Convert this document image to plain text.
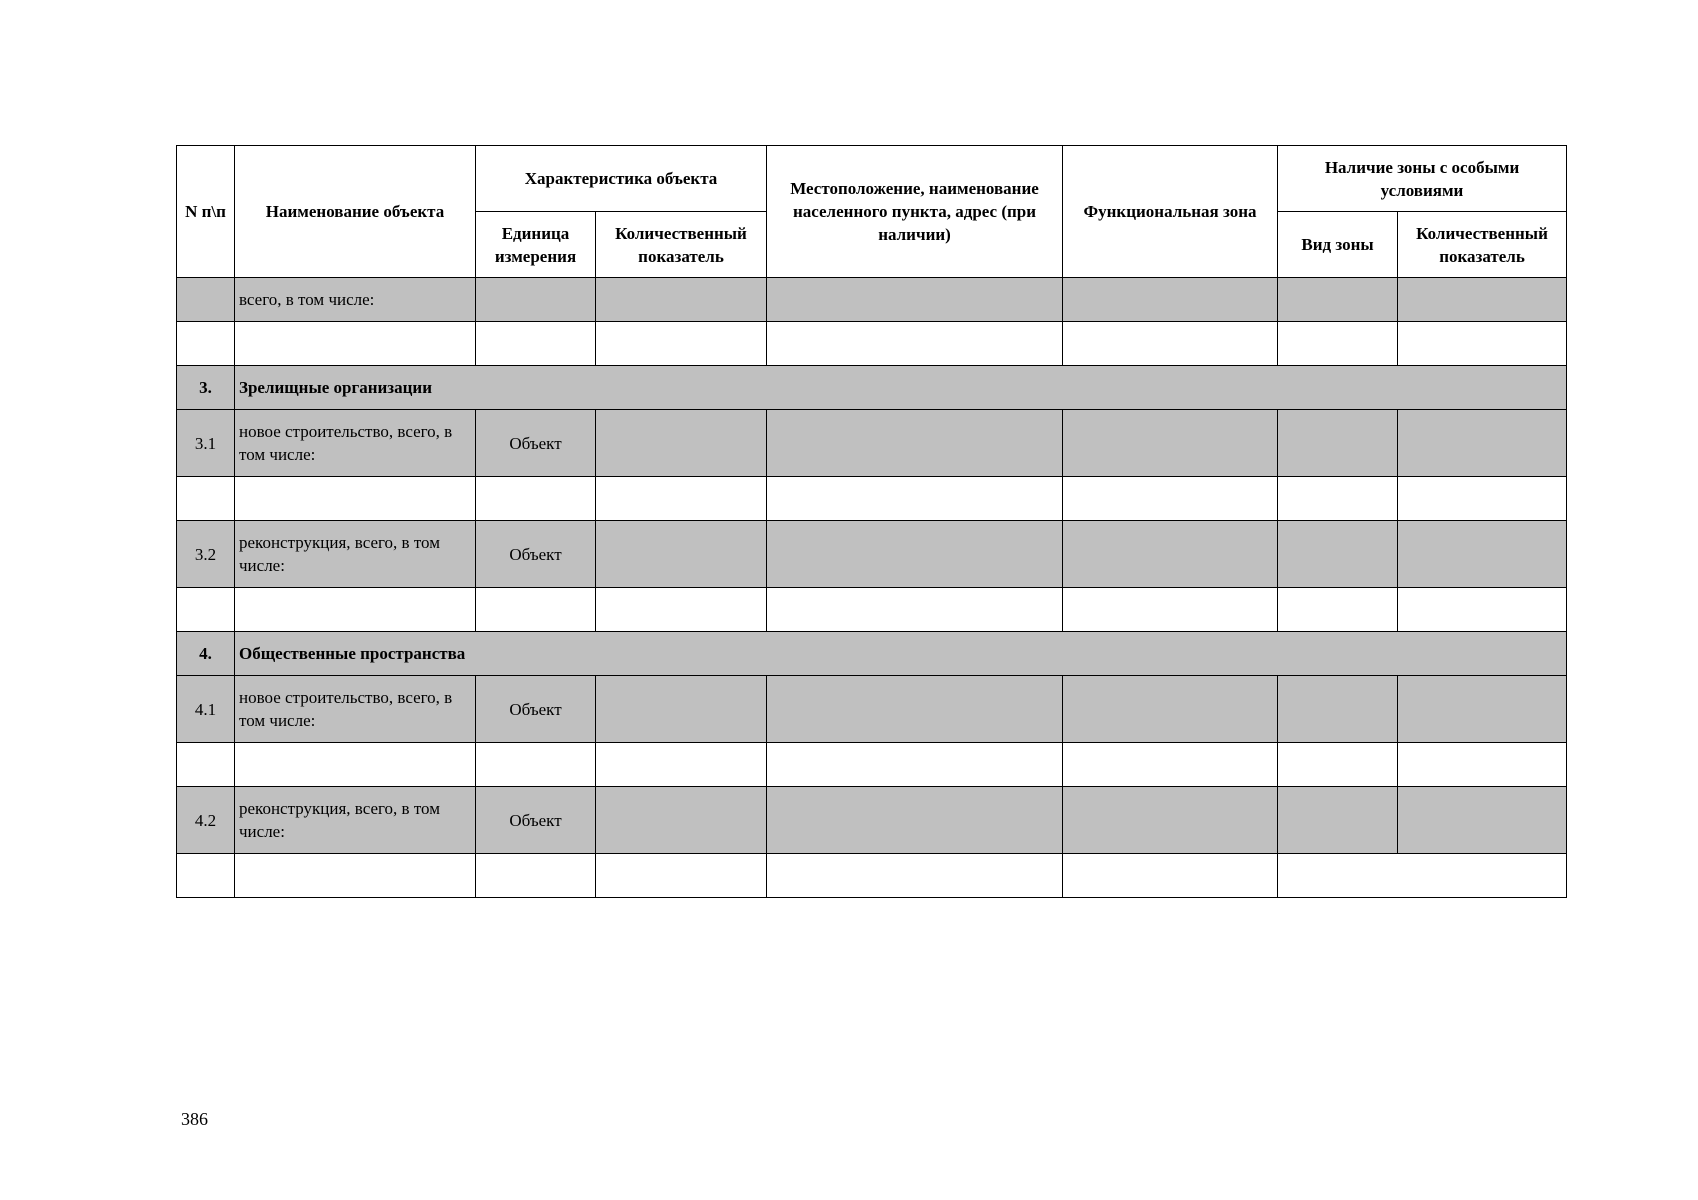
N п\п	Наименование объекта	Характеристика объекта		Местоположение, наименование населенного пункта, адрес (при наличии)	Функциональная зона	Наличие зоны с особыми условиями	
		Единица измерения	Количественный показатель			Вид зоны	Количественный показатель
	всего, в том числе:						

3.	Зрелищные организации						
3.1	новое строительство, всего, в том числе:	Объект					

3.2	реконструкция, всего, в том числе:	Объект					

4.	Общественные пространства						
4.1	новое строительство, всего, в том числе:	Объект					

4.2	реконструкция, всего, в том числе:	Объект					

386
